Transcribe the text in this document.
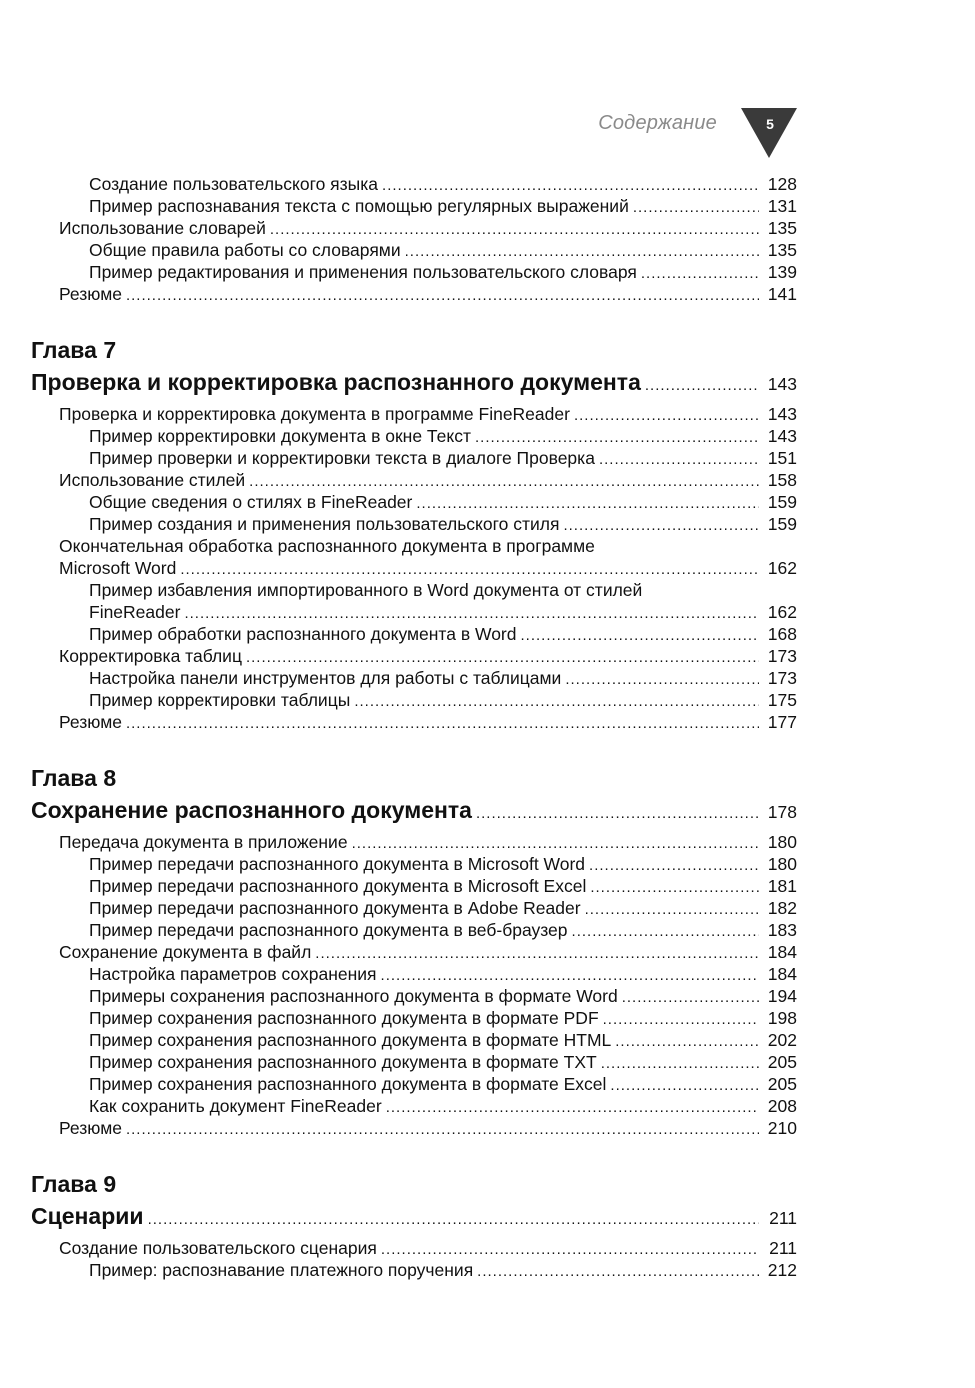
Содержание	5
Создание пользовательского языка .....	128
Пример распознавания текста с помощью регулярных выражений .....	131
Использование словарей .....	135
Общие правила работы со словарями .....	135
Пример редактирования и применения пользовательского словаря .....	139
Резюме .....	141
Глава 7
Проверка и корректировка распознанного документа .....	143
Проверка и корректировка документа в программе FineReader .....	143
Пример корректировки документа в окне Текст .....	143
Пример проверки и корректировки текста в диалоге Проверка .....	151
Использование стилей .....	158
Общие сведения о стилях в FineReader .....	159
Пример создания и применения пользовательского стиля .....	159
Окончательная обработка распознанного документа в программе
Microsoft Word .....	162
Пример избавления импортированного в Word документа от стилей
FineReader .....	162
Пример обработки распознанного документа в Word .....	168
Корректировка таблиц .....	173
Настройка панели инструментов для работы с таблицами .....	173
Пример корректировки таблицы .....	175
Резюме .....	177
Глава 8
Сохранение распознанного документа .....	178
Передача документа в приложение .....	180
Пример передачи распознанного документа в Microsoft Word .....	180
Пример передачи распознанного документа в Microsoft Excel .....	181
Пример передачи распознанного документа в Adobe Reader .....	182
Пример передачи распознанного документа в веб-браузер .....	183
Сохранение документа в файл .....	184
Настройка параметров сохранения .....	184
Примеры сохранения распознанного документа в формате Word .....	194
Пример сохранения распознанного документа в формате PDF .....	198
Пример сохранения распознанного документа в формате HTML .....	202
Пример сохранения распознанного документа в формате TXT .....	205
Пример сохранения распознанного документа в формате Excel .....	205
Как сохранить документ FineReader .....	208
Резюме .....	210
Глава 9
Сценарии .....	211
Создание пользовательского сценария .....	211
Пример: распознавание платежного поручения .....	212
